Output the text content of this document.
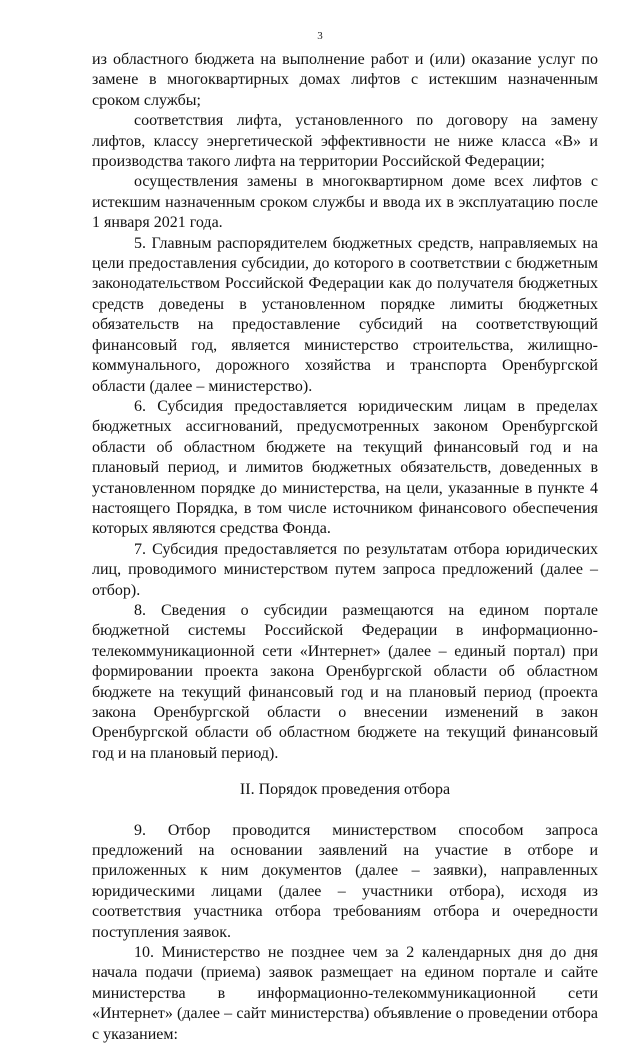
3

из областного бюджета на выполнение работ и (или) оказание услуг по замене в многоквартирных домах лифтов с истекшим назначенным сроком службы;

соответствия лифта, установленного по договору на замену лифтов, классу энергетической эффективности не ниже класса «В» и производства такого лифта на территории Российской Федерации;

осуществления замены в многоквартирном доме всех лифтов с истекшим назначенным сроком службы и ввода их в эксплуатацию после 1 января 2021 года.

5. Главным распорядителем бюджетных средств, направляемых на цели предоставления субсидии, до которого в соответствии с бюджетным законодательством Российской Федерации как до получателя бюджетных средств доведены в установленном порядке лимиты бюджетных обязательств на предоставление субсидий на соответствующий финансовый год, является министерство строительства, жилищно-коммунального, дорожного хозяйства и транспорта Оренбургской области (далее – министерство).

6. Субсидия предоставляется юридическим лицам в пределах бюджетных ассигнований, предусмотренных законом Оренбургской области об областном бюджете на текущий финансовый год и на плановый период, и лимитов бюджетных обязательств, доведенных в установленном порядке до министерства, на цели, указанные в пункте 4 настоящего Порядка, в том числе источником финансового обеспечения которых являются средства Фонда.

7. Субсидия предоставляется по результатам отбора юридических лиц, проводимого министерством путем запроса предложений (далее – отбор).

8. Сведения о субсидии размещаются на едином портале бюджетной системы Российской Федерации в информационно-телекоммуникационной сети «Интернет» (далее – единый портал) при формировании проекта закона Оренбургской области об областном бюджете на текущий финансовый год и на плановый период (проекта закона Оренбургской области о внесении изменений в закон Оренбургской области об областном бюджете на текущий финансовый год и на плановый период).

II. Порядок проведения отбора

9. Отбор проводится министерством способом запроса предложений на основании заявлений на участие в отборе и приложенных к ним документов (далее – заявки), направленных юридическими лицами (далее – участники отбора), исходя из соответствия участника отбора требованиям отбора и очередности поступления заявок.

10. Министерство не позднее чем за 2 календарных дня до дня начала подачи (приема) заявок размещает на едином портале и сайте министерства в информационно-телекоммуникационной сети «Интернет» (далее – сайт министерства) объявление о проведении отбора с указанием:
